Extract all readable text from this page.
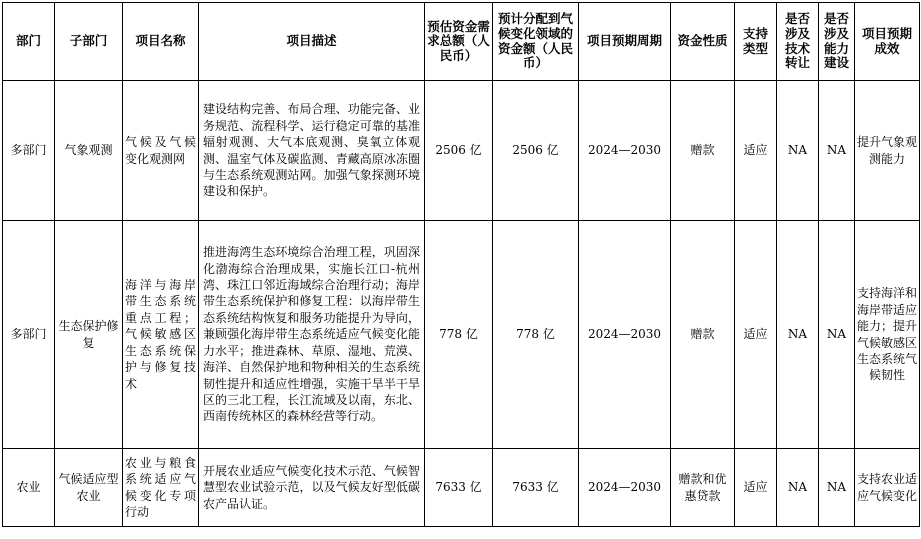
部门	子部门	项目名称	项目描述	预估资金需求总额（人民币）	预计分配到气候变化领域的资金额（人民币）	项目预期周期	资金性质	支持类型	是否涉及技术转让	是否涉及能力建设	项目预期成效
多部门	气象观测	气候及气候变化观测网	建设结构完善、布局合理、功能完备、业务规范、流程科学、运行稳定可靠的基准辐射观测、大气本底观测、臭氧立体观测、温室气体及碳监测、青藏高原冰冻圈与生态系统观测站网。加强气象探测环境建设和保护。	2506 亿	2506 亿	2024—2030	赠款	适应	NA	NA	提升气象观测能力
多部门	生态保护修复	海洋与海岸带生态系统重点工程；气候敏感区生态系统保护与修复技术	推进海湾生态环境综合治理工程，巩固深化渤海综合治理成果，实施长江口-杭州湾、珠江口邻近海域综合治理行动；海岸带生态系统保护和修复工程：以海岸带生态系统结构恢复和服务功能提升为导向，兼顾强化海岸带生态系统适应气候变化能力水平；推进森林、草原、湿地、荒漠、海洋、自然保护地和物种相关的生态系统韧性提升和适应性增强，实施干旱半干旱区的三北工程，长江流域及以南，东北、西南传统林区的森林经营等行动。	778 亿	778 亿	2024—2030	赠款	适应	NA	NA	支持海洋和海岸带适应能力；提升气候敏感区生态系统气候韧性
农业	气候适应型农业	农业与粮食系统适应气候变化专项行动	开展农业适应气候变化技术示范、气候智慧型农业试验示范，以及气候友好型低碳农产品认证。	7633 亿	7633 亿	2024—2030	赠款和优惠贷款	适应	NA	NA	支持农业适应气候变化
